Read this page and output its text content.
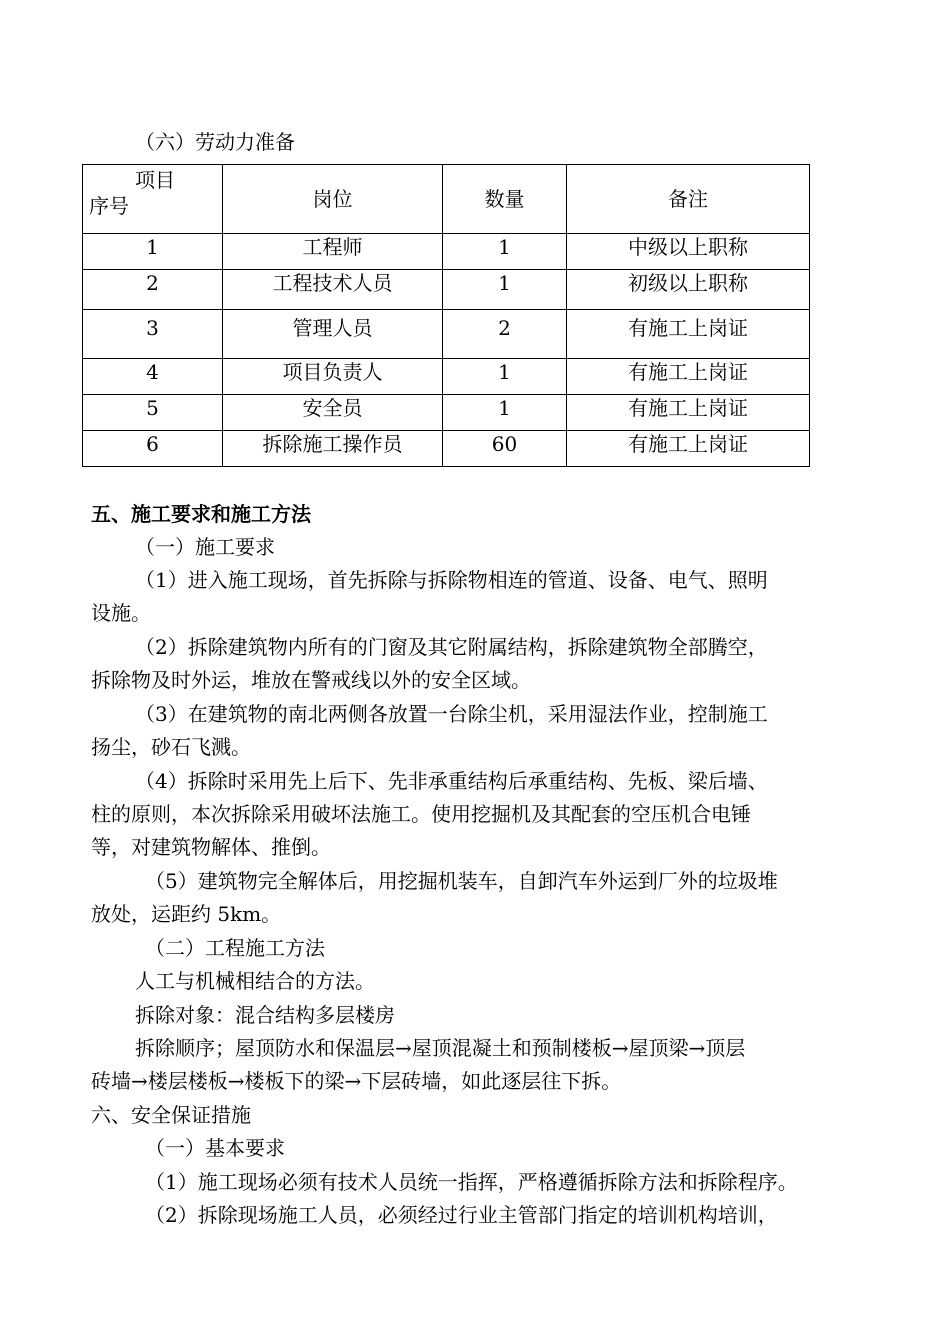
（六）劳动力准备
项目
序号	岗位	数量	备注
1	工程师	1	中级以上职称
2	工程技术人员	1	初级以上职称
3	管理人员	2	有施工上岗证
4	项目负责人	1	有施工上岗证
5	安全员	1	有施工上岗证
6	拆除施工操作员	60	有施工上岗证
五、施工要求和施工方法
（一）施工要求
（1）进入施工现场，首先拆除与拆除物相连的管道、设备、电气、照明
设施。
（2）拆除建筑物内所有的门窗及其它附属结构，拆除建筑物全部腾空，
拆除物及时外运，堆放在警戒线以外的安全区域。
（3）在建筑物的南北两侧各放置一台除尘机，采用湿法作业，控制施工
扬尘，砂石飞溅。
（4）拆除时采用先上后下、先非承重结构后承重结构、先板、梁后墙、
柱的原则，本次拆除采用破坏法施工。使用挖掘机及其配套的空压机合电锤
等，对建筑物解体、推倒。
（5）建筑物完全解体后，用挖掘机装车，自卸汽车外运到厂外的垃圾堆
放处，运距约 5km。
（二）工程施工方法
人工与机械相结合的方法。
拆除对象：混合结构多层楼房
拆除顺序；屋顶防水和保温层→屋顶混凝土和预制楼板→屋顶梁→顶层
砖墙→楼层楼板→楼板下的梁→下层砖墙，如此逐层往下拆。
六、安全保证措施
（一）基本要求
（1）施工现场必须有技术人员统一指挥，严格遵循拆除方法和拆除程序。
（2）拆除现场施工人员，必须经过行业主管部门指定的培训机构培训，
